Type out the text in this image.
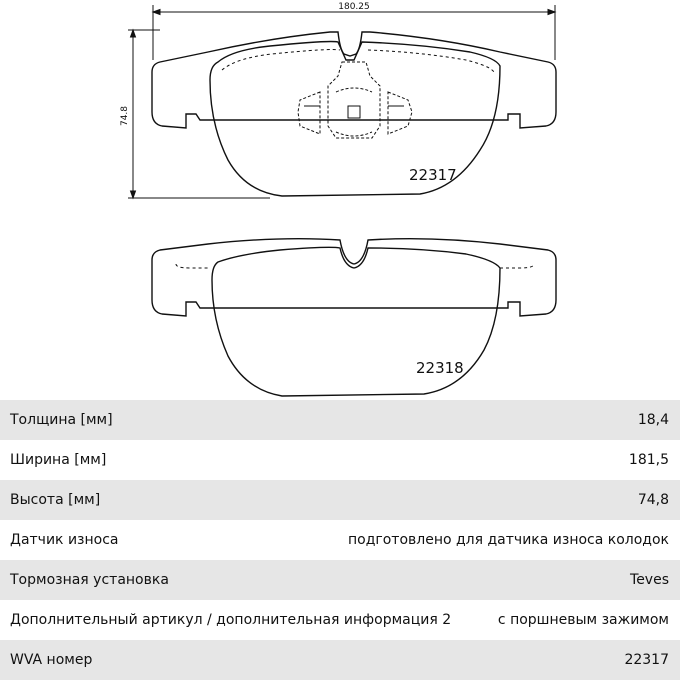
180.25
74.8
22317
22318
Толщина [мм]	18,4
Ширина [мм]	181,5
Высота [мм]	74,8
Датчик износа	подготовлено для датчика износа колодок
Тормозная установка	Teves
Дополнительный артикул / дополнительная информация 2	с поршневым зажимом
WVA номер	22317
